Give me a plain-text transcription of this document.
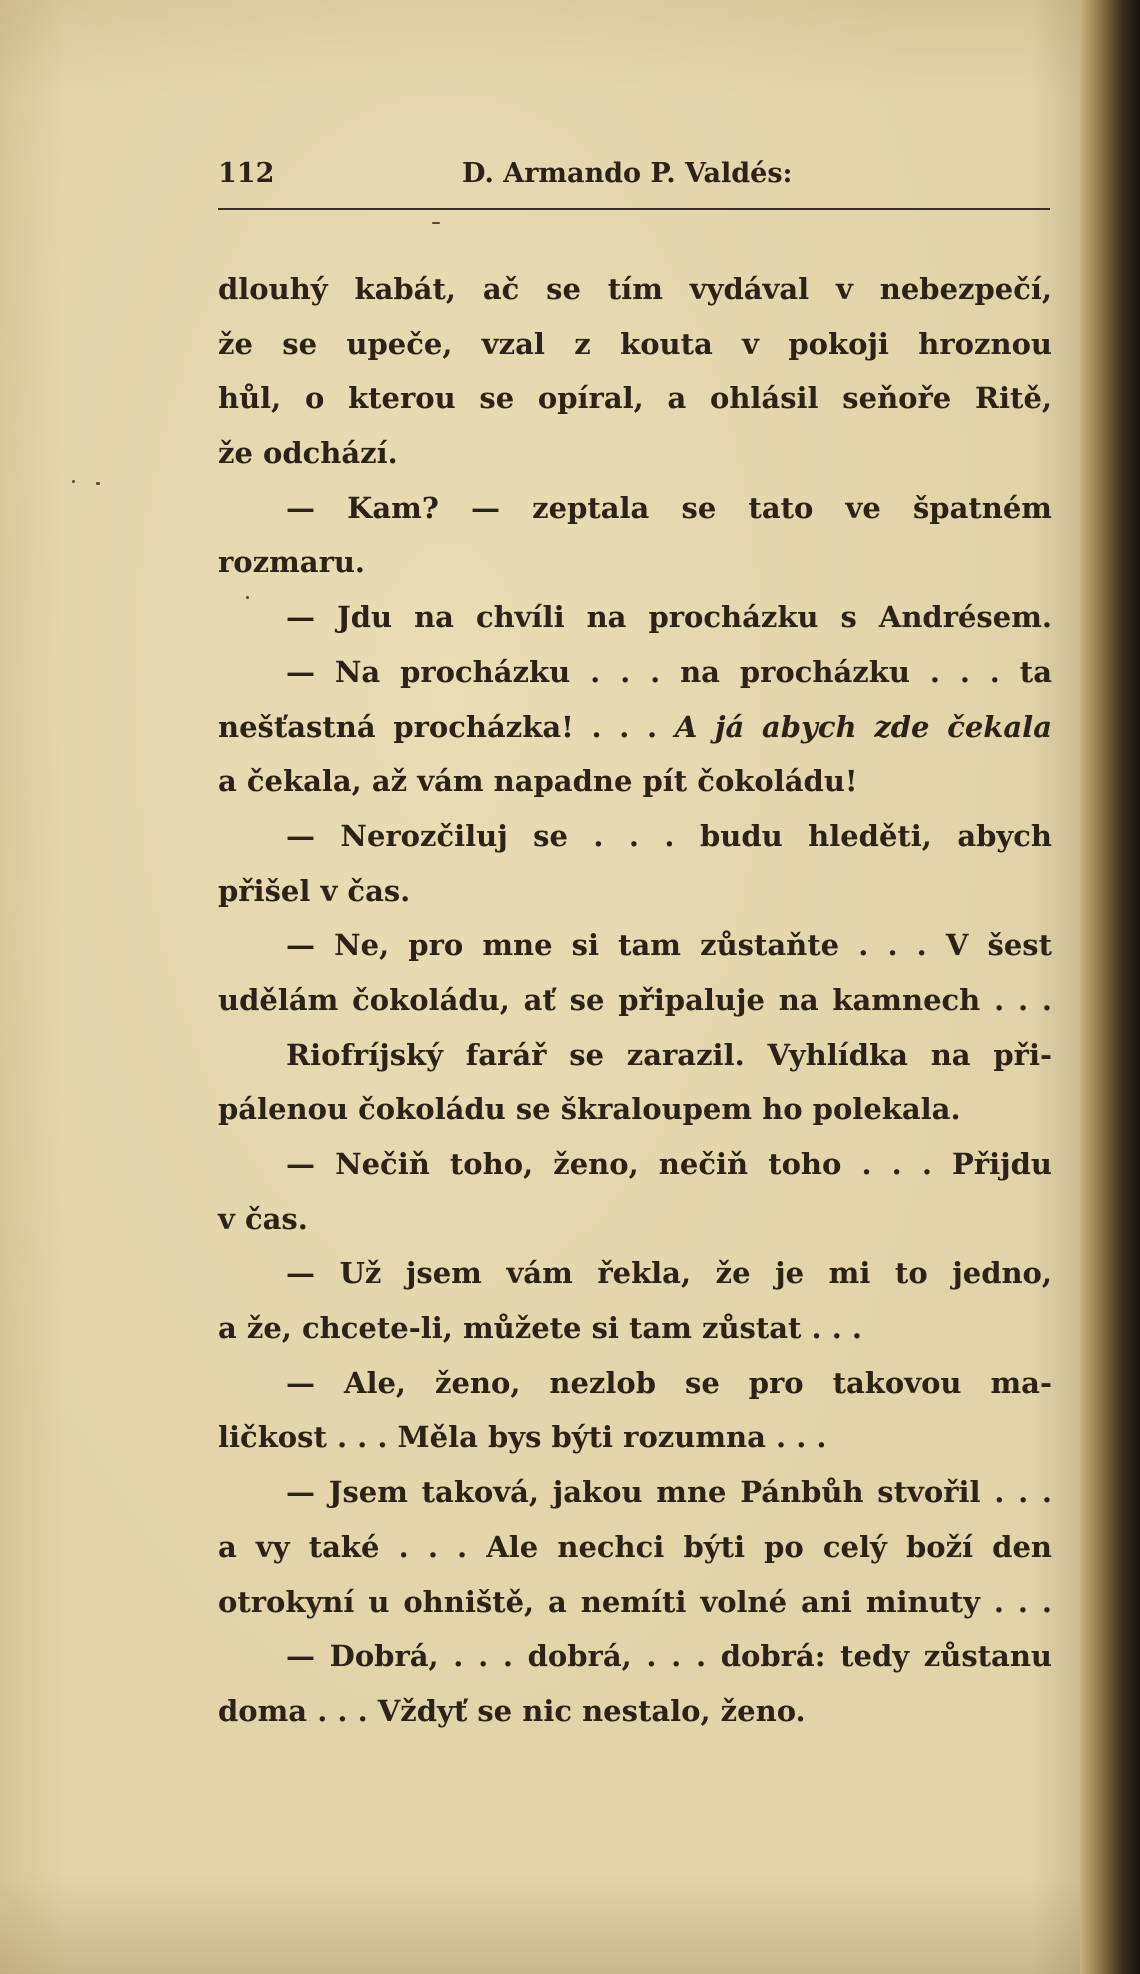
112	D. Armando P. Valdés:
dlouhý kabát, ač se tím vydával v nebezpečí,
že se upeče, vzal z kouta v pokoji hroznou
hůl, o kterou se opíral, a ohlásil seňoře Ritě,
že odchází.
— Kam? — zeptala se tato ve špatném
rozmaru.
— Jdu na chvíli na procházku s Andrésem.
— Na procházku . . . na procházku . . . ta
nešťastná procházka! . . . A já abych zde čekala
a čekala, až vám napadne pít čokoládu!
— Nerozčiluj se . . . budu hleděti, abych
přišel v čas.
— Ne, pro mne si tam zůstaňte . . . V šest
udělám čokoládu, ať se připaluje na kamnech . . .
Riofríjský farář se zarazil. Vyhlídka na při-
pálenou čokoládu se škraloupem ho polekala.
— Nečiň toho, ženo, nečiň toho . . . Přijdu
v čas.
— Už jsem vám řekla, že je mi to jedno,
a že, chcete-li, můžete si tam zůstat . . .
— Ale, ženo, nezlob se pro takovou ma-
ličkost . . . Měla bys býti rozumna . . .
— Jsem taková, jakou mne Pánbůh stvořil . . .
a vy také . . . Ale nechci býti po celý boží den
otrokyní u ohniště, a nemíti volné ani minuty . . .
— Dobrá, . . . dobrá, . . . dobrá: tedy zůstanu
doma . . . Vždyť se nic nestalo, ženo.
